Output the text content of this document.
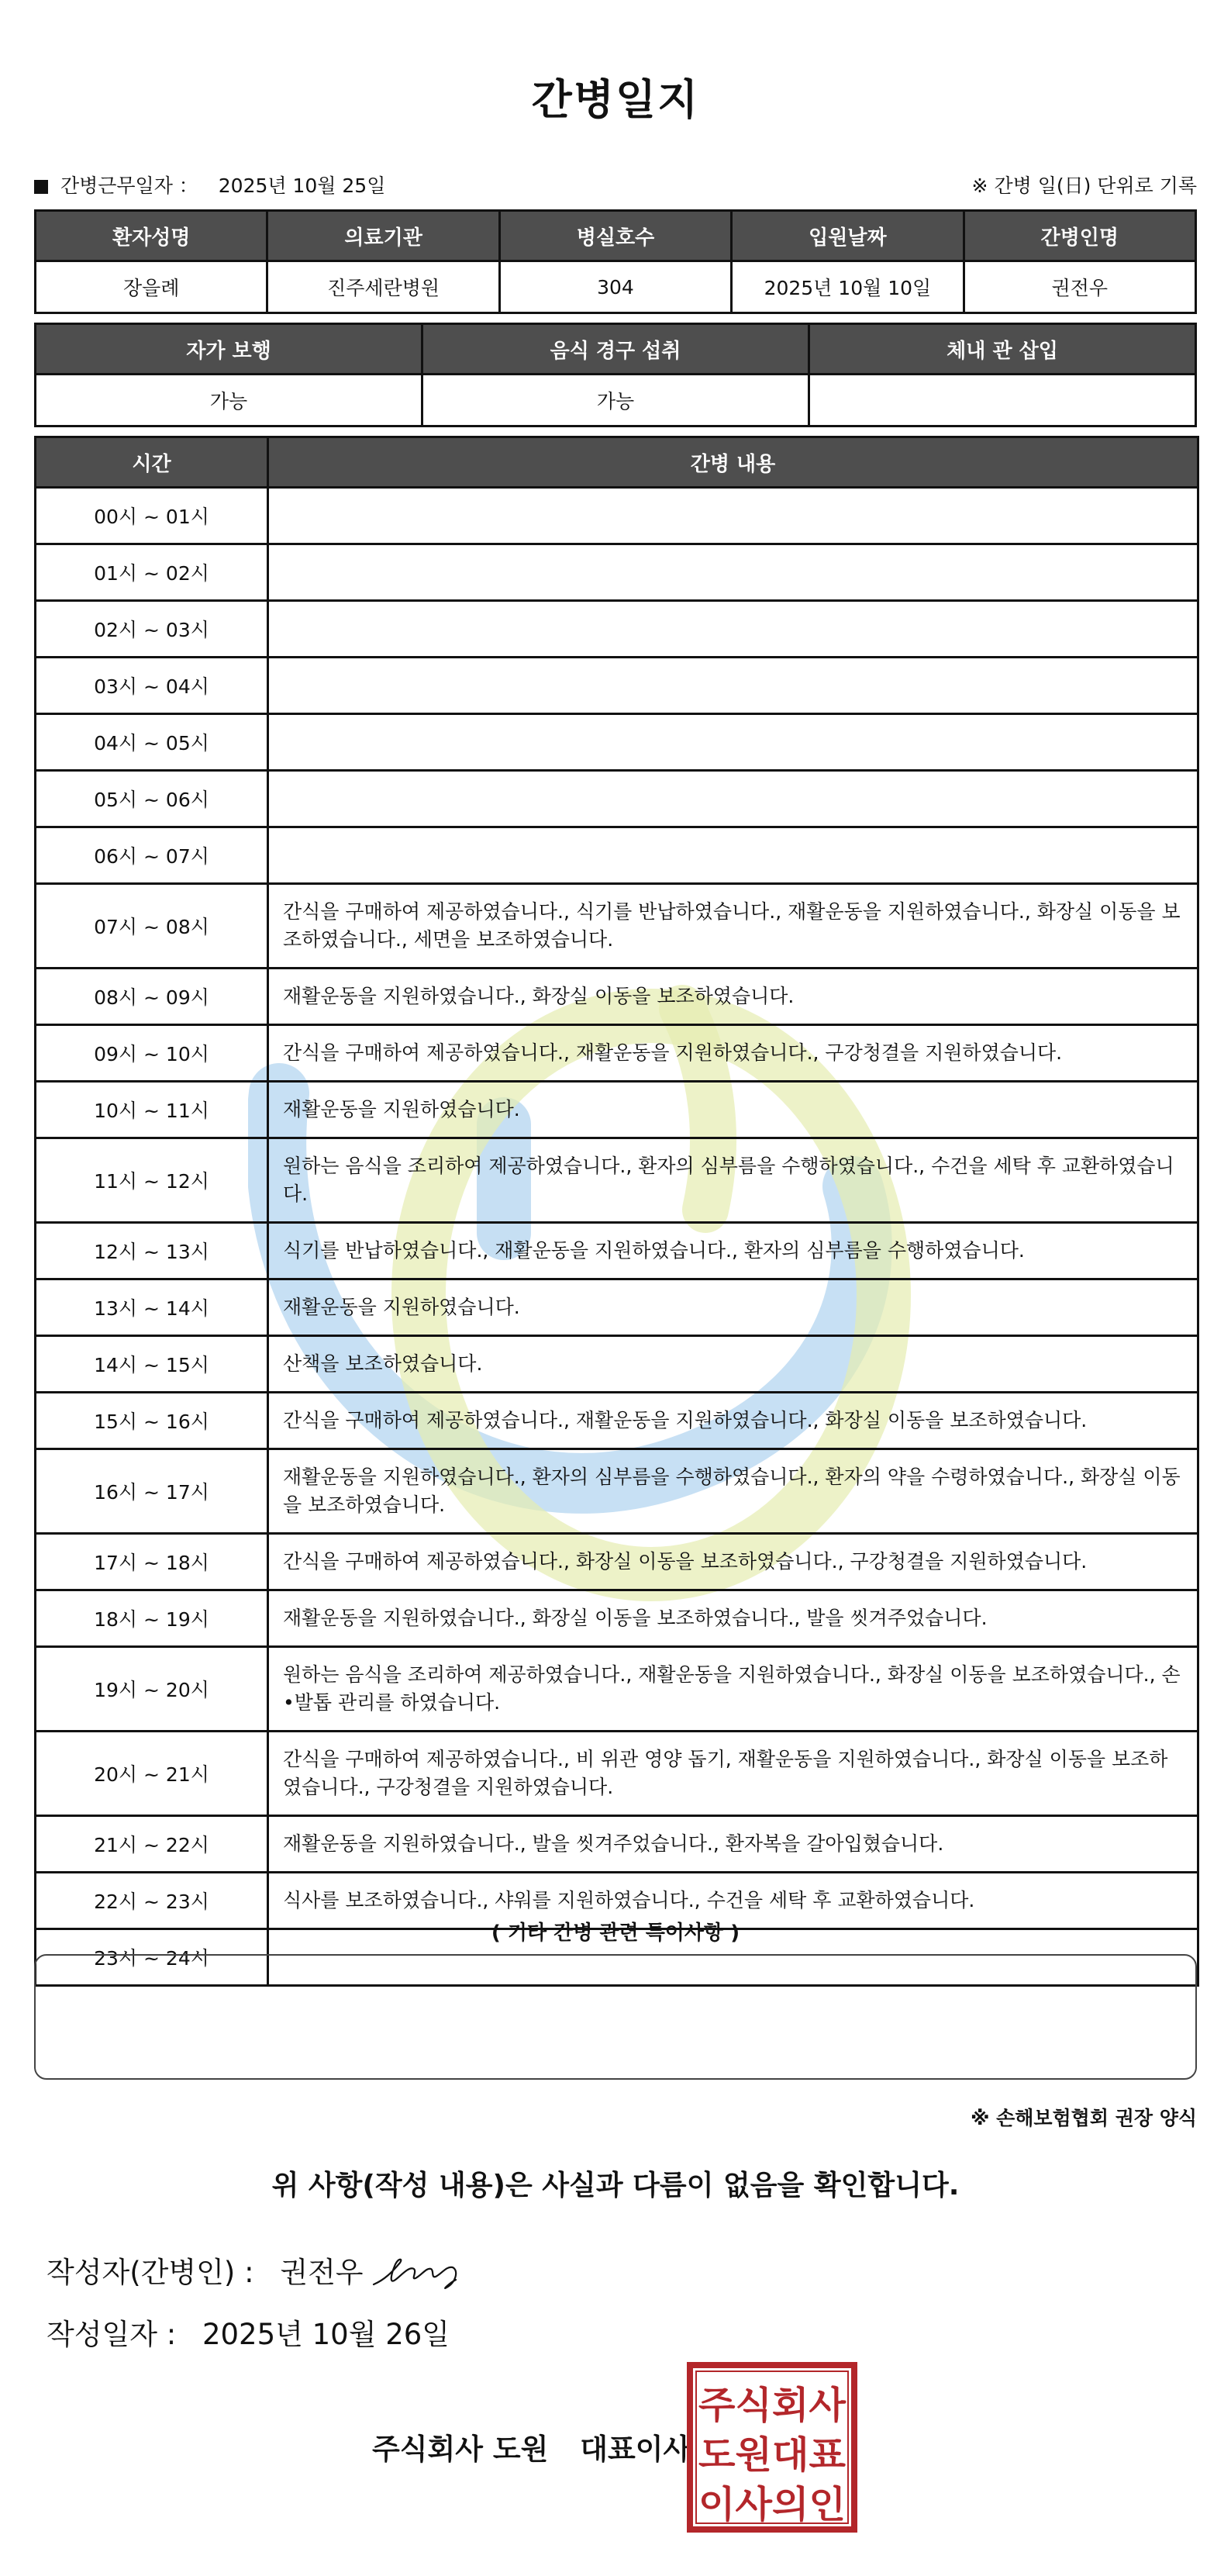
간병일지
간병근무일자 ： 2025년 10월 25일	※ 간병 일(日) 단위로 기록
환자성명	의료기관	병실호수	입원날짜	간병인명
장을례	진주세란병원	304	2025년 10월 10일	권전우
자가 보행	음식 경구 섭취	체내 관 삽입
가능	가능	
시간	간병 내용
00시 ~ 01시	
01시 ~ 02시	
02시 ~ 03시	
03시 ~ 04시	
04시 ~ 05시	
05시 ~ 06시	
06시 ~ 07시	
07시 ~ 08시	간식을 구매하여 제공하였습니다., 식기를 반납하였습니다., 재활운동을 지원하였습니다., 화장실 이동을 보조하였습니다., 세면을 보조하였습니다.
08시 ~ 09시	재활운동을 지원하였습니다., 화장실 이동을 보조하였습니다.
09시 ~ 10시	간식을 구매하여 제공하였습니다., 재활운동을 지원하였습니다., 구강청결을 지원하였습니다.
10시 ~ 11시	재활운동을 지원하였습니다.
11시 ~ 12시	원하는 음식을 조리하여 제공하였습니다., 환자의 심부름을 수행하였습니다., 수건을 세탁 후 교환하였습니다.
12시 ~ 13시	식기를 반납하였습니다., 재활운동을 지원하였습니다., 환자의 심부름을 수행하였습니다.
13시 ~ 14시	재활운동을 지원하였습니다.
14시 ~ 15시	산책을 보조하였습니다.
15시 ~ 16시	간식을 구매하여 제공하였습니다., 재활운동을 지원하였습니다., 화장실 이동을 보조하였습니다.
16시 ~ 17시	재활운동을 지원하였습니다., 환자의 심부름을 수행하였습니다., 환자의 약을 수령하였습니다., 화장실 이동을 보조하였습니다.
17시 ~ 18시	간식을 구매하여 제공하였습니다., 화장실 이동을 보조하였습니다., 구강청결을 지원하였습니다.
18시 ~ 19시	재활운동을 지원하였습니다., 화장실 이동을 보조하였습니다., 발을 씻겨주었습니다.
19시 ~ 20시	원하는 음식을 조리하여 제공하였습니다., 재활운동을 지원하였습니다., 화장실 이동을 보조하였습니다., 손•발톱 관리를 하였습니다.
20시 ~ 21시	간식을 구매하여 제공하였습니다., 비 위관 영양 돕기, 재활운동을 지원하였습니다., 화장실 이동을 보조하였습니다., 구강청결을 지원하였습니다.
21시 ~ 22시	재활운동을 지원하였습니다., 발을 씻겨주었습니다., 환자복을 갈아입혔습니다.
22시 ~ 23시	식사를 보조하였습니다., 샤워를 지원하였습니다., 수건을 세탁 후 교환하였습니다.
23시 ~ 24시	
( 기타 간병 관련 특이사항 )
※ 손해보험협회 권장 양식
위 사항(작성 내용)은 사실과 다름이 없음을 확인합니다.
작성자(간병인) : 권전우
작성일자 : 2025년 10월 26일
주식회사 도원 대표이사
주식회사
도원대표
이사의인
